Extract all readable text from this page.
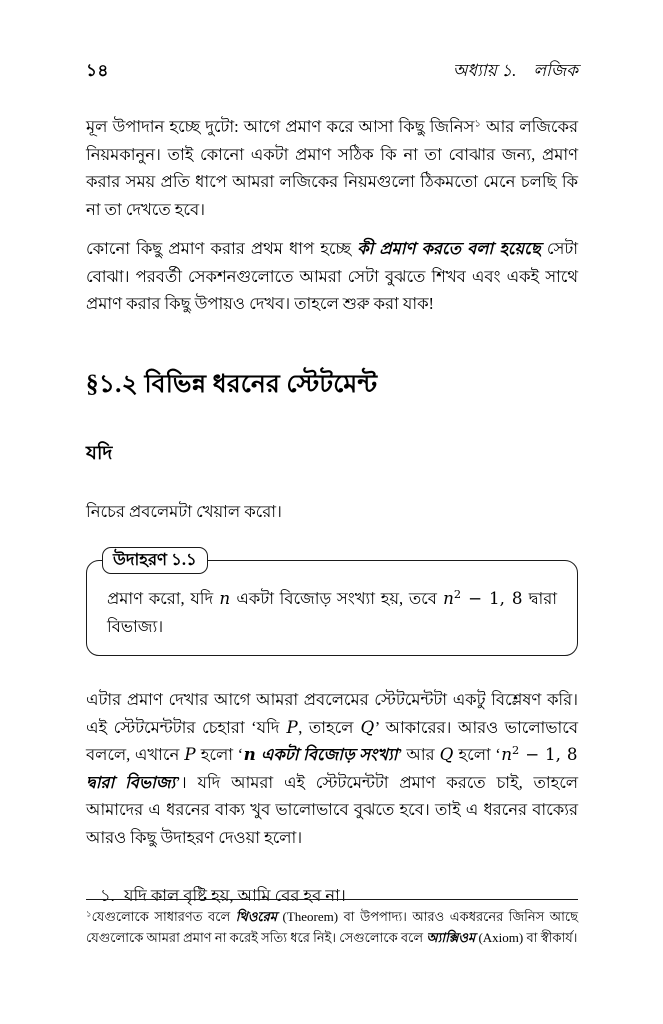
১৪	অধ্যায় ১.    লজিক

মূল উপাদান হচ্ছে দুটো: আগে প্রমাণ করে আসা কিছু জিনিস$^১$ আর লজিকের নিয়মকানুন। তাই কোনো একটা প্রমাণ সঠিক কি না তা বোঝার জন্য, প্রমাণ করার সময় প্রতি ধাপে আমরা লজিকের নিয়মগুলো ঠিকমতো মেনে চলছি কি না তা দেখতে হবে।

কোনো কিছু প্রমাণ করার প্রথম ধাপ হচ্ছে কী প্রমাণ করতে বলা হয়েছে সেটা বোঝা। পরবর্তী সেকশনগুলোতে আমরা সেটা বুঝতে শিখব এবং একই সাথে প্রমাণ করার কিছু উপায়ও দেখব। তাহলে শুরু করা যাক!

§১.২ বিভিন্ন ধরনের স্টেটমেন্ট
যদি

নিচের প্রবলেমটা খেয়াল করো।

প্রমাণ করো, যদি n একটা বিজোড় সংখ্যা হয়, তবে $n^2 - 1$, 8 দ্বারা বিভাজ্য।
উদাহরণ ১.১

এটার প্রমাণ দেখার আগে আমরা প্রবলেমের স্টেটমেন্টটা একটু বিশ্লেষণ করি। এই স্টেটমেন্টটার চেহারা ‘যদি P, তাহলে Q’ আকারের। আরও ভালোভাবে বললে, এখানে P হলো ‘n একটা বিজোড় সংখ্যা’ আর Q হলো ‘$n^2 - 1$, 8 দ্বারা বিভাজ্য’। যদি আমরা এই স্টেটমেন্টটা প্রমাণ করতে চাই, তাহলে আমাদের এ ধরনের বাক্য খুব ভালোভাবে বুঝতে হবে। তাই এ ধরনের বাক্যের আরও কিছু উদাহরণ দেওয়া হলো।

১. যদি কাল বৃষ্টি হয়, আমি বের হব না।

$^১$যেগুলোকে সাধারণত বলে থিওরেম (Theorem) বা উপপাদ্য। আরও একধরনের জিনিস আছে যেগুলোকে আমরা প্রমাণ না করেই সত্যি ধরে নিই। সেগুলোকে বলে অ্যাক্সিওম (Axiom) বা স্বীকার্য।
